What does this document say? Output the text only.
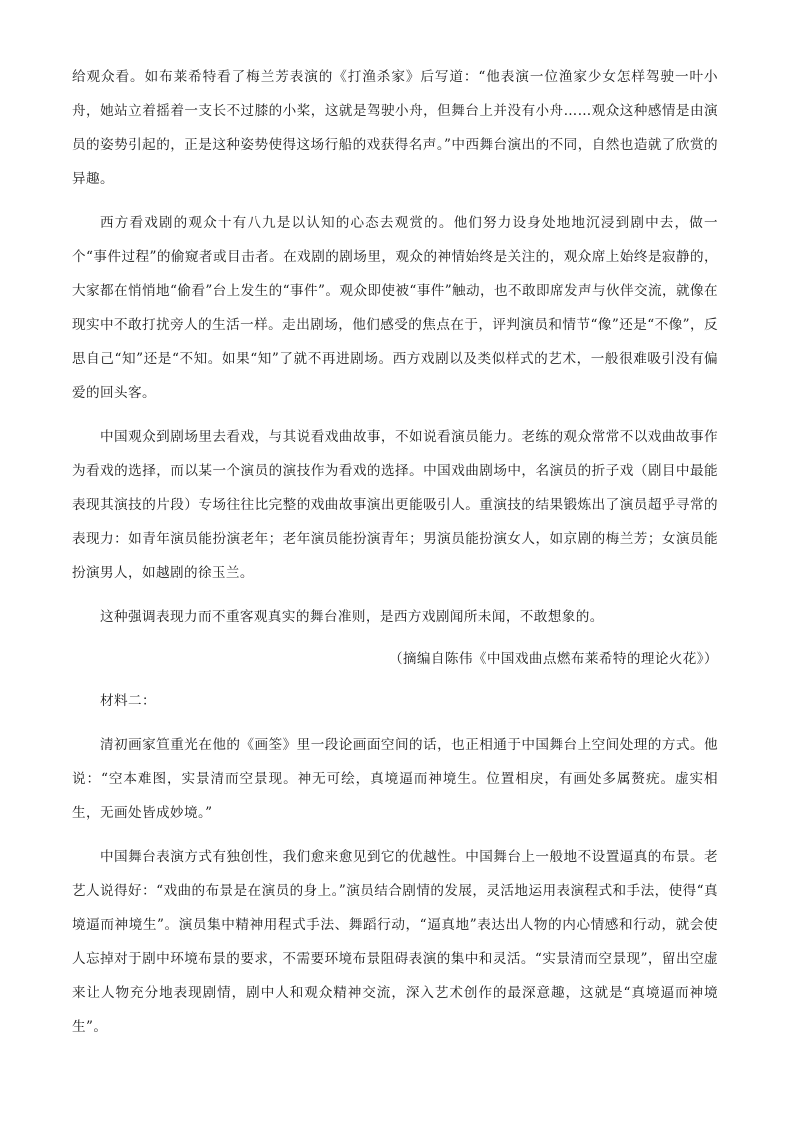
给观众看。如布莱希特看了梅兰芳表演的《打渔杀家》后写道：“他表演一位渔家少女怎样驾驶一叶小舟，她站立着摇着一支长不过膝的小桨，这就是驾驶小舟，但舞台上并没有小舟……观众这种感情是由演员的姿势引起的，正是这种姿势使得这场行船的戏获得名声。”中西舞台演出的不同，自然也造就了欣赏的异趣。

西方看戏剧的观众十有八九是以认知的心态去观赏的。他们努力设身处地地沉浸到剧中去，做一个“事件过程”的偷窥者或目击者。在戏剧的剧场里，观众的神情始终是关注的，观众席上始终是寂静的，大家都在悄悄地“偷看”台上发生的“事件”。观众即使被“事件”触动，也不敢即席发声与伙伴交流，就像在现实中不敢打扰旁人的生活一样。走出剧场，他们感受的焦点在于，评判演员和情节“像”还是“不像”，反思自己“知”还是“不知。如果“知”了就不再进剧场。西方戏剧以及类似样式的艺术，一般很难吸引没有偏爱的回头客。

中国观众到剧场里去看戏，与其说看戏曲故事，不如说看演员能力。老练的观众常常不以戏曲故事作为看戏的选择，而以某一个演员的演技作为看戏的选择。中国戏曲剧场中，名演员的折子戏（剧目中最能表现其演技的片段）专场往往比完整的戏曲故事演出更能吸引人。重演技的结果锻炼出了演员超乎寻常的表现力：如青年演员能扮演老年；老年演员能扮演青年；男演员能扮演女人，如京剧的梅兰芳；女演员能扮演男人，如越剧的徐玉兰。

这种强调表现力而不重客观真实的舞台准则，是西方戏剧闻所未闻，不敢想象的。

（摘编自陈伟《中国戏曲点燃布莱希特的理论火花》）

材料二：

清初画家笪重光在他的《画筌》里一段论画面空间的话，也正相通于中国舞台上空间处理的方式。他说：“空本难图，实景清而空景现。神无可绘，真境逼而神境生。位置相戾，有画处多属赘疣。虚实相生，无画处皆成妙境。”

中国舞台表演方式有独创性，我们愈来愈见到它的优越性。中国舞台上一般地不设置逼真的布景。老艺人说得好：“戏曲的布景是在演员的身上。”演员结合剧情的发展，灵活地运用表演程式和手法，使得“真境逼而神境生”。演员集中精神用程式手法、舞蹈行动，“逼真地”表达出人物的内心情感和行动，就会使人忘掉对于剧中环境布景的要求，不需要环境布景阻碍表演的集中和灵活。“实景清而空景现”，留出空虚来让人物充分地表现剧情，剧中人和观众精神交流，深入艺术创作的最深意趣，这就是“真境逼而神境生”。
